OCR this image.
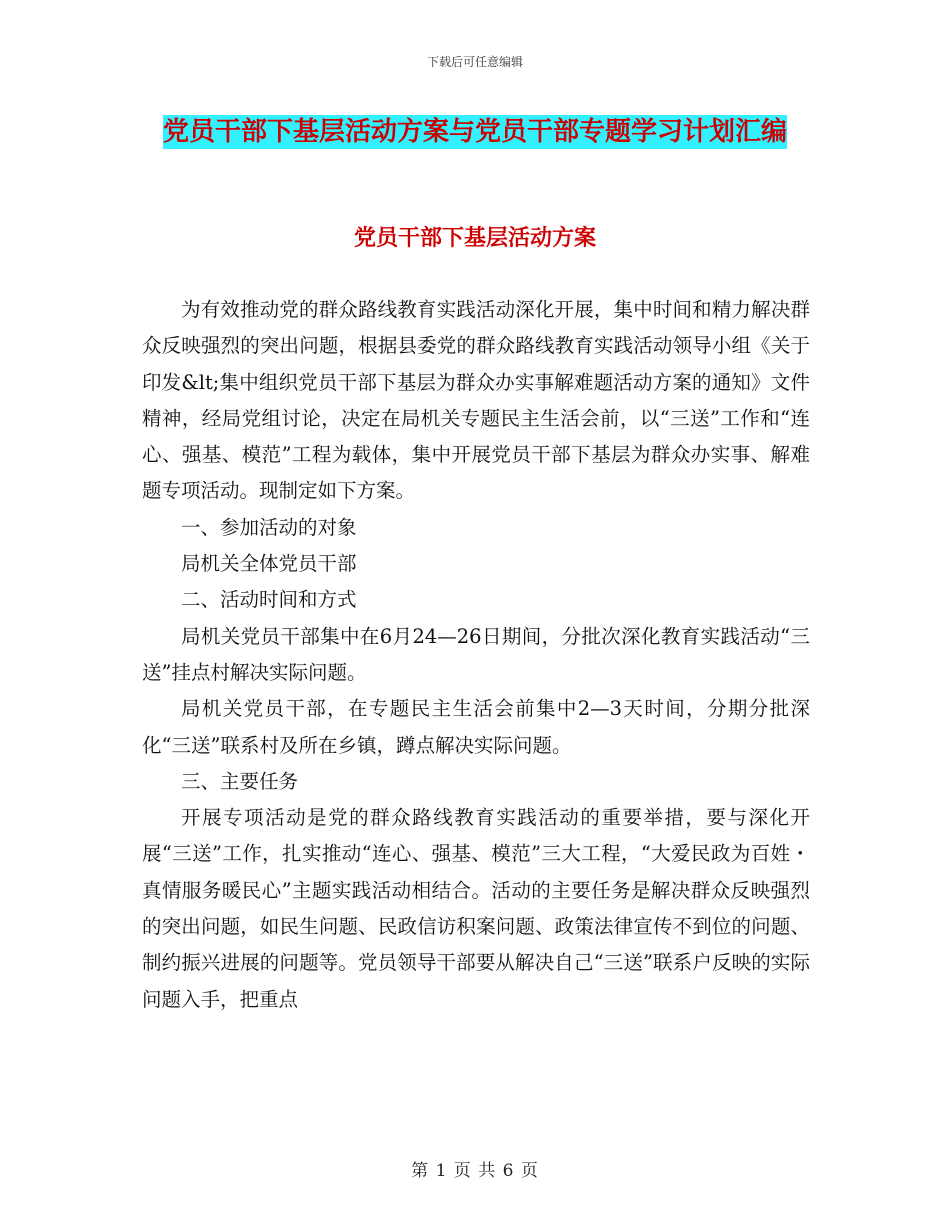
下载后可任意编辑
党员干部下基层活动方案与党员干部专题学习计划汇编
党员干部下基层活动方案

为有效推动党的群众路线教育实践活动深化开展，集中时间和精力解决群众反映强烈的突出问题，根据县委党的群众路线教育实践活动领导小组《关于印发&lt;集中组织党员干部下基层为群众办实事解难题活动方案的通知》文件精神，经局党组讨论，决定在局机关专题民主生活会前，以“三送”工作和“连心、强基、模范”工程为载体，集中开展党员干部下基层为群众办实事、解难题专项活动。现制定如下方案。

一、参加活动的对象

局机关全体党员干部

二、活动时间和方式

局机关党员干部集中在6月24—26日期间，分批次深化教育实践活动“三送”挂点村解决实际问题。

局机关党员干部，在专题民主生活会前集中2—3天时间，分期分批深化“三送”联系村及所在乡镇，蹲点解决实际问题。

三、主要任务

开展专项活动是党的群众路线教育实践活动的重要举措，要与深化开展“三送”工作，扎实推动“连心、强基、模范”三大工程，“大爱民政为百姓・真情服务暖民心”主题实践活动相结合。活动的主要任务是解决群众反映强烈的突出问题，如民生问题、民政信访积案问题、政策法律宣传不到位的问题、制约振兴进展的问题等。党员领导干部要从解决自己“三送”联系户反映的实际问题入手，把重点

第 1 页 共 6 页
